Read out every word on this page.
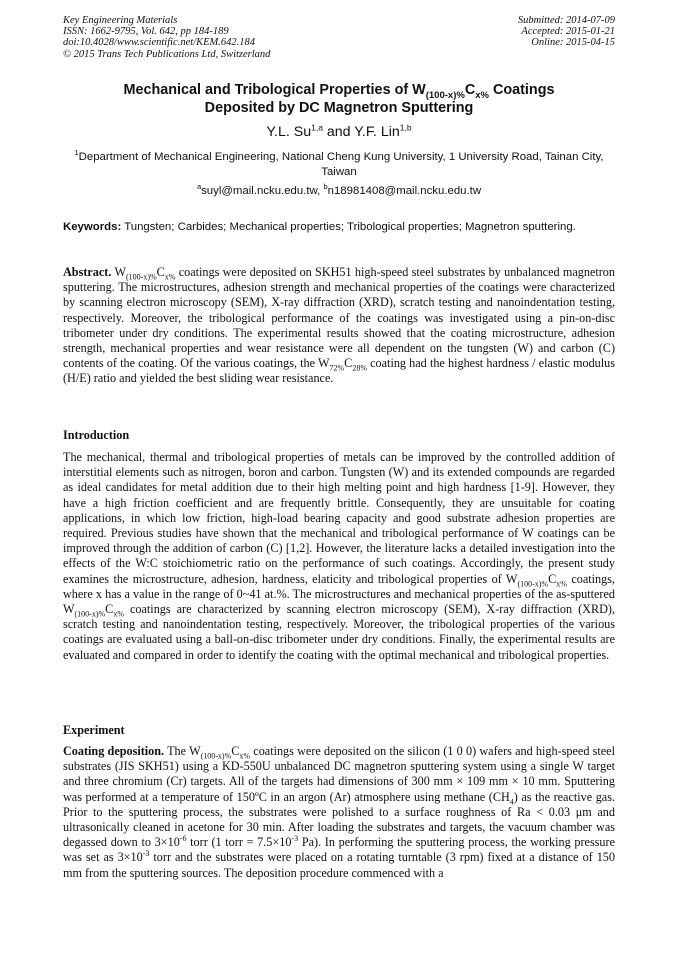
Key Engineering Materials
ISSN: 1662-9795, Vol. 642, pp 184-189
doi:10.4028/www.scientific.net/KEM.642.184
© 2015 Trans Tech Publications Ltd, Switzerland
Submitted: 2014-07-09
Accepted: 2015-01-21
Online: 2015-04-15
Mechanical and Tribological Properties of $W_{(100-x)\%}C_{x\%}$ Coatings
Deposited by DC Magnetron Sputtering
Y.L. Su$^{1,a}$ and Y.F. Lin$^{1,b}$
$^1$Department of Mechanical Engineering, National Cheng Kung University, 1 University Road, Tainan City, Taiwan
$^a$suyl@mail.ncku.edu.tw, $^b$n18981408@mail.ncku.edu.tw
Keywords: Tungsten; Carbides; Mechanical properties; Tribological properties; Magnetron sputtering.
Abstract. $W_{(100-x)\%}C_{x\%}$ coatings were deposited on SKH51 high-speed steel substrates by unbalanced magnetron sputtering. The microstructures, adhesion strength and mechanical properties of the coatings were characterized by scanning electron microscopy (SEM), X-ray diffraction (XRD), scratch testing and nanoindentation testing, respectively. Moreover, the tribological performance of the coatings was investigated using a pin-on-disc tribometer under dry conditions. The experimental results showed that the coating microstructure, adhesion strength, mechanical properties and wear resistance were all dependent on the tungsten (W) and carbon (C) contents of the coating. Of the various coatings, the $W_{72\%}C_{28\%}$ coating had the highest hardness / elastic modulus (H/E) ratio and yielded the best sliding wear resistance.
Introduction
The mechanical, thermal and tribological properties of metals can be improved by the controlled addition of interstitial elements such as nitrogen, boron and carbon. Tungsten (W) and its extended compounds are regarded as ideal candidates for metal addition due to their high melting point and high hardness [1-9]. However, they have a high friction coefficient and are frequently brittle. Consequently, they are unsuitable for coating applications, in which low friction, high-load bearing capacity and good substrate adhesion properties are required. Previous studies have shown that the mechanical and tribological performance of W coatings can be improved through the addition of carbon (C) [1,2]. However, the literature lacks a detailed investigation into the effects of the W:C stoichiometric ratio on the performance of such coatings. Accordingly, the present study examines the microstructure, adhesion, hardness, elaticity and tribological properties of $W_{(100-x)\%}C_{x\%}$ coatings, where x has a value in the range of 0~41 at.%. The microstructures and mechanical properties of the as-sputtered $W_{(100-x)\%}C_{x\%}$ coatings are characterized by scanning electron microscopy (SEM), X-ray diffraction (XRD), scratch testing and nanoindentation testing, respectively. Moreover, the tribological properties of the various coatings are evaluated using a ball-on-disc tribometer under dry conditions. Finally, the experimental results are evaluated and compared in order to identify the coating with the optimal mechanical and tribological properties.
Experiment
Coating deposition. The $W_{(100-x)\%}C_{x\%}$ coatings were deposited on the silicon (1 0 0) wafers and high-speed steel substrates (JIS SKH51) using a KD-550U unbalanced DC magnetron sputtering system using a single W target and three chromium (Cr) targets. All of the targets had dimensions of 300 mm × 109 mm × 10 mm. Sputtering was performed at a temperature of 150ºC in an argon (Ar) atmosphere using methane $(CH_4)$ as the reactive gas. Prior to the sputtering process, the substrates were polished to a surface roughness of Ra < 0.03 μm and ultrasonically cleaned in acetone for 30 min. After loading the substrates and targets, the vacuum chamber was degassed down to $3\times 10^{-6}$ torr (1 torr = $7.5\times 10^{-3}$ Pa). In performing the sputtering process, the working pressure was set as $3\times 10^{-3}$ torr and the substrates were placed on a rotating turntable (3 rpm) fixed at a distance of 150 mm from the sputtering sources. The deposition procedure commenced with a
